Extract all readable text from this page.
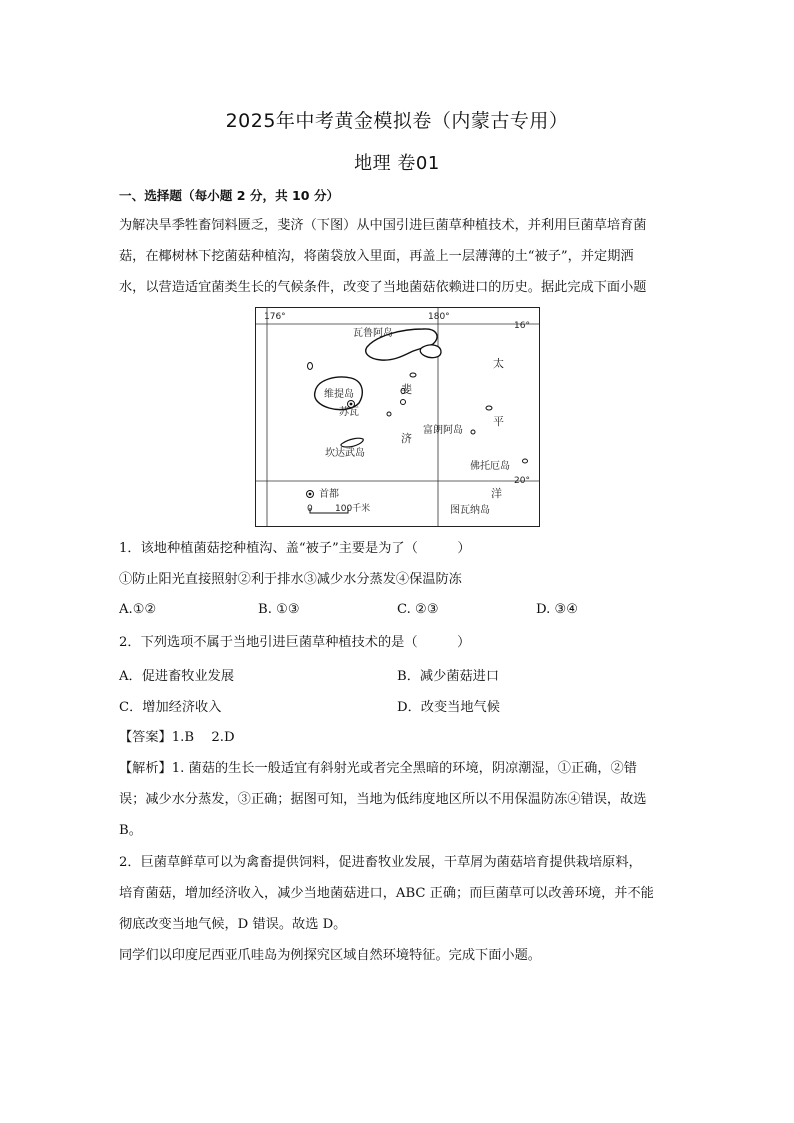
2025年中考黄金模拟卷（内蒙古专用）
地理 卷01
一、选择题（每小题 2 分，共 10 分）
为解决旱季牲畜饲料匮乏，斐济（下图）从中国引进巨菌草种植技术，并利用巨菌草培育菌
菇，在椰树林下挖菌菇种植沟，将菌袋放入里面，再盖上一层薄薄的土“被子”，并定期洒
水，以营造适宜菌类生长的气候条件，改变了当地菌菇依赖进口的历史。据此完成下面小题
176°	180°
16°
20°
瓦鲁阿岛
维提岛
苏瓦
坎达武岛
富朗阿岛
佛托厄岛
图瓦纳岛
斐
济
太
平
洋
首都
0 100千米
1．该地种植菌菇挖种植沟、盖“被子”主要是为了（　　　）
①防止阳光直接照射②利于排水③减少水分蒸发④保温防冻
A.①②	B. ①③	C. ②③	D. ③④
2．下列选项不属于当地引进巨菌草种植技术的是（　　　）
A．促进畜牧业发展	B．减少菌菇进口
C．增加经济收入	D．改变当地气候
【答案】1.B　 2.D
【解析】1. 菌菇的生长一般适宜有斜射光或者完全黑暗的环境，阴凉潮湿，①正确，②错
误；减少水分蒸发，③正确；据图可知，当地为低纬度地区所以不用保温防冻④错误，故选
B。
2．巨菌草鲜草可以为禽畜提供饲料，促进畜牧业发展，干草屑为菌菇培育提供栽培原料，
培育菌菇，增加经济收入，减少当地菌菇进口，ABC 正确；而巨菌草可以改善环境，并不能
彻底改变当地气候，D 错误。故选 D。
同学们以印度尼西亚爪哇岛为例探究区域自然环境特征。完成下面小题。
